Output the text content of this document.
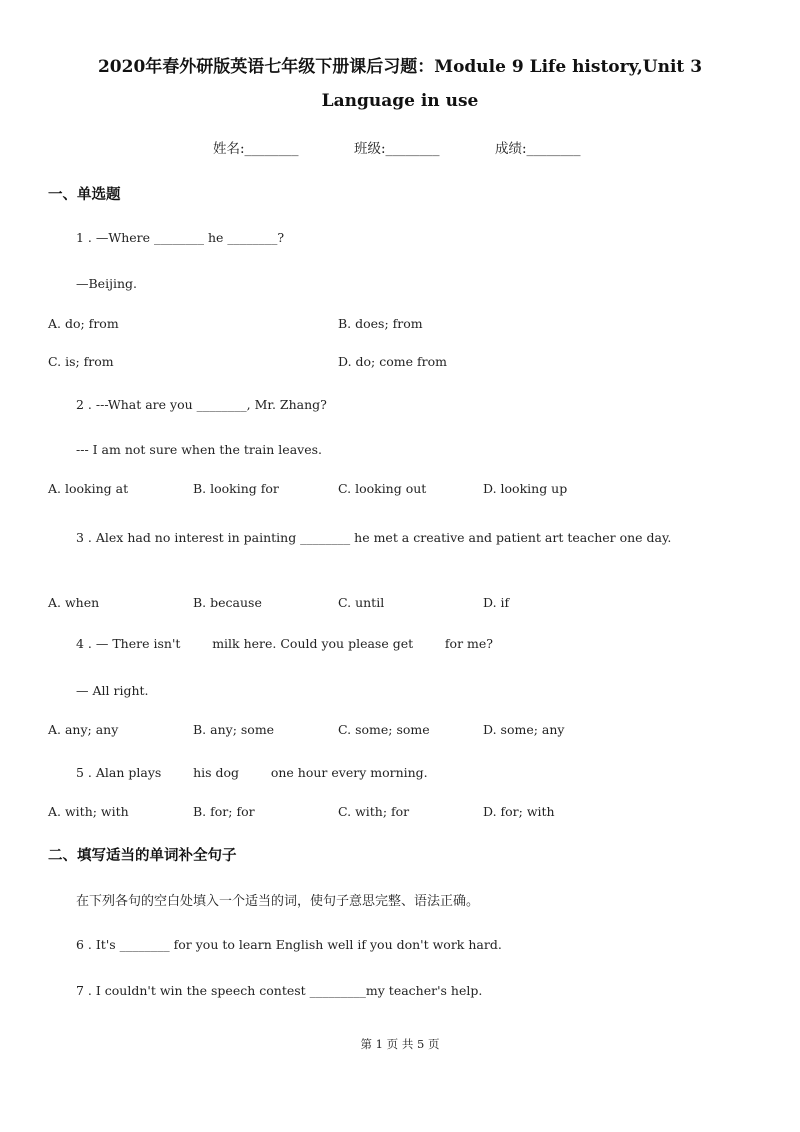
2020年春外研版英语七年级下册课后习题：Module 9 Life history,Unit 3
Language in use
姓名:________	班级:________	成绩:________
一、单选题
1 . —Where ________ he ________?
—Beijing.
A. do; from	B. does; from
C. is; from	D. do; come from
2 . ---What are you ________, Mr. Zhang?
--- I am not sure when the train leaves.
A. looking at	B. looking for	C. looking out	D. looking up
3 . Alex had no interest in painting ________ he met a creative and patient art teacher one day.
A. when	B. because	C. until	D. if
4 . — There isn't        milk here. Could you please get        for me?
— All right.
A. any; any	B. any; some	C. some; some	D. some; any
5 . Alan plays        his dog        one hour every morning.
A. with; with	B. for; for	C. with; for	D. for; with
二、填写适当的单词补全句子
在下列各句的空白处填入一个适当的词，使句子意思完整、语法正确。
6 . It's ________ for you to learn English well if you don't work hard.
7 . I couldn't win the speech contest _________my teacher's help.
第 1 页 共 5 页
